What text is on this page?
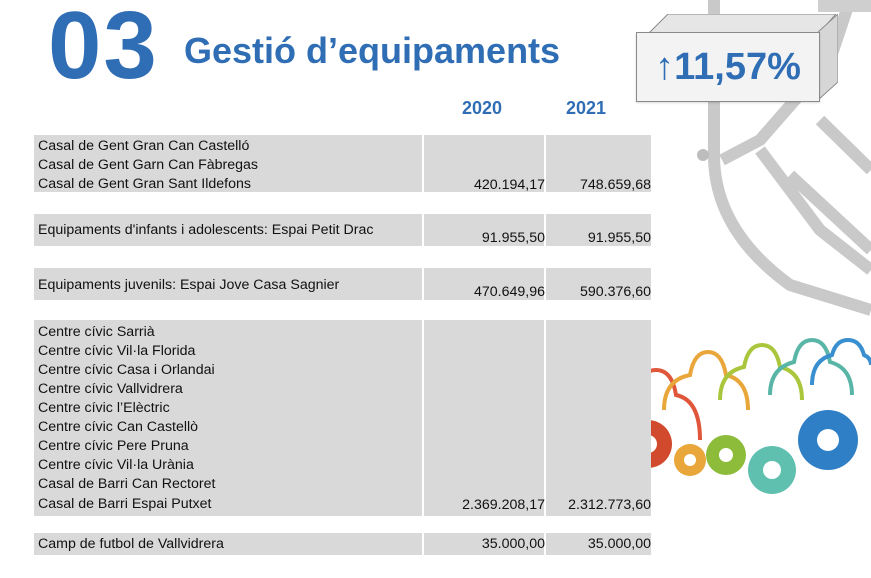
03 Gestió d’equipaments	↑11,57%
2020	2021
Casal de Gent Gran Can Castelló
Casal de Gent Garn Can Fàbregas
Casal de Gent Gran Sant Ildefons	420.194,17 748.659,68
Equipaments d'infants i adolescents: Espai Petit Drac	91.955,50	91.955,50
Equipaments juvenils: Espai Jove Casa Sagnier	470.649,96 590.376,60
Centre cívic Sarrià
Centre cívic Vil·la Florida
Centre cívic Casa i Orlandai
Centre cívic Vallvidrera
Centre cívic l’Elèctric
Centre cívic Can Castellò
Centre cívic Pere Pruna
Centre cívic Vil·la Urània
Casal de Barri Can Rectoret
Casal de Barri Espai Putxet	2.369.208,17 2.312.773,60
Camp de futbol de Vallvidrera	35.000,00	35.000,00
